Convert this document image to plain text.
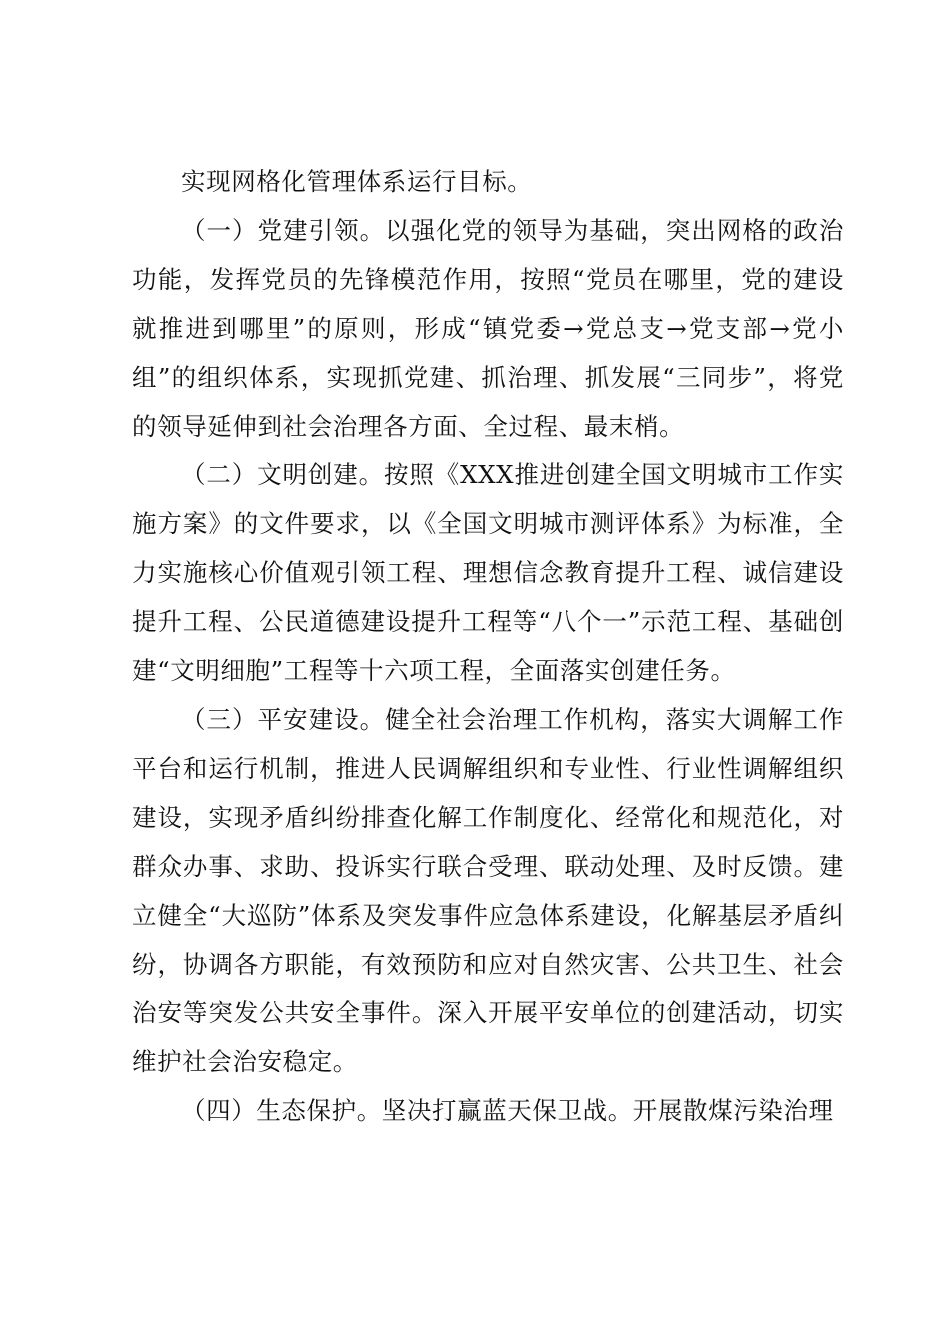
实现网格化管理体系运行目标。

（一）党建引领。以强化党的领导为基础，突出网格的政治功能，发挥党员的先锋模范作用，按照“党员在哪里，党的建设就推进到哪里”的原则，形成“镇党委→党总支→党支部→党小组”的组织体系，实现抓党建、抓治理、抓发展“三同步”，将党的领导延伸到社会治理各方面、全过程、最末梢。

（二）文明创建。按照《XXX推进创建全国文明城市工作实施方案》的文件要求，以《全国文明城市测评体系》为标准，全力实施核心价值观引领工程、理想信念教育提升工程、诚信建设提升工程、公民道德建设提升工程等“八个一”示范工程、基础创建“文明细胞”工程等十六项工程，全面落实创建任务。

（三）平安建设。健全社会治理工作机构，落实大调解工作平台和运行机制，推进人民调解组织和专业性、行业性调解组织建设，实现矛盾纠纷排查化解工作制度化、经常化和规范化，对群众办事、求助、投诉实行联合受理、联动处理、及时反馈。建立健全“大巡防”体系及突发事件应急体系建设，化解基层矛盾纠纷，协调各方职能，有效预防和应对自然灾害、公共卫生、社会治安等突发公共安全事件。深入开展平安单位的创建活动，切实维护社会治安稳定。

（四）生态保护。坚决打赢蓝天保卫战。开展散煤污染治理
